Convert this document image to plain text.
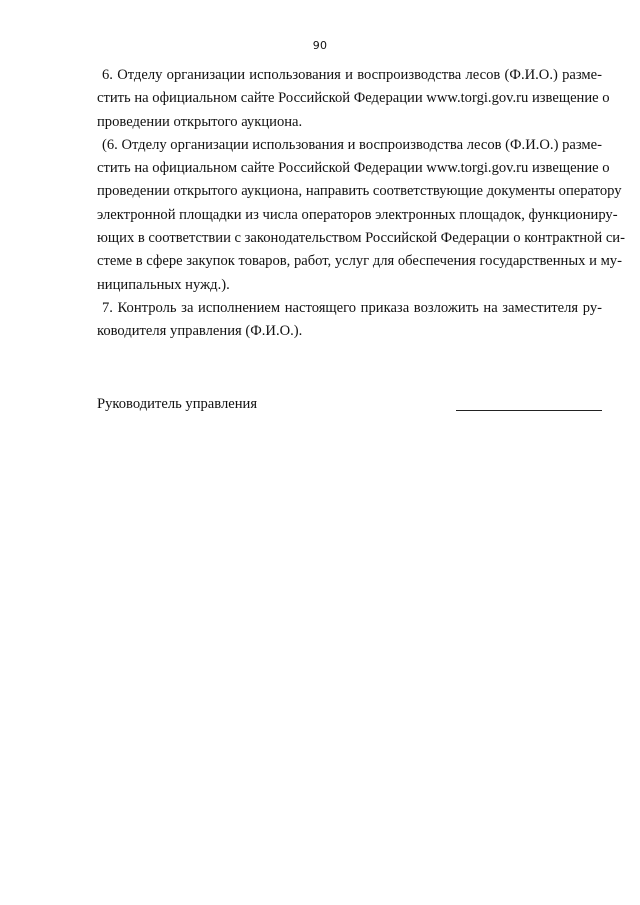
90

6. Отделу организации использования и воспроизводства лесов (Ф.И.О.) разме-
стить на официальном сайте Российской Федерации www.torgi.gov.ru извещение о
проведении открытого аукциона.

(6. Отделу организации использования и воспроизводства лесов (Ф.И.О.) разме-
стить на официальном сайте Российской Федерации www.torgi.gov.ru извещение о
проведении открытого аукциона, направить соответствующие документы оператору
электронной площадки из числа операторов электронных площадок, функциониру-
ющих в соответствии с законодательством Российской Федерации о контрактной си-
стеме в сфере закупок товаров, работ, услуг для обеспечения государственных и му-
ниципальных нужд.).

7. Контроль за исполнением настоящего приказа возложить на заместителя ру-
ководителя управления (Ф.И.О.).

Руководитель управления
